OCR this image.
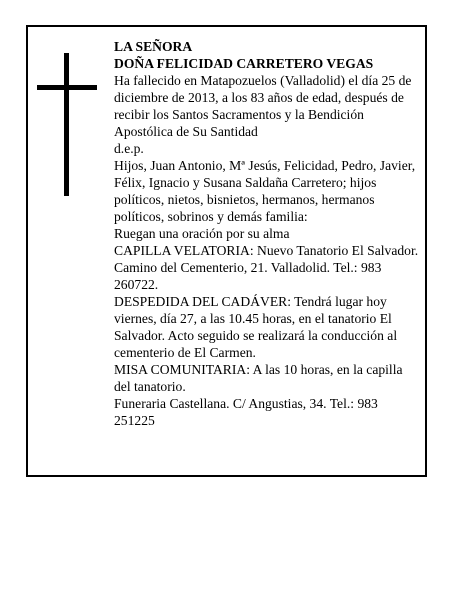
LA SEÑORA

DOÑA FELICIDAD CARRETERO VEGAS

Ha fallecido en Matapozuelos (Valladolid) el día 25 de diciembre de 2013, a los 83 años de edad, después de recibir los Santos Sacramentos y la Bendición Apostólica de Su Santidad

d.e.p.

Hijos, Juan Antonio, Mª Jesús, Felicidad, Pedro, Javier, Félix, Ignacio y Susana Saldaña Carretero; hijos políticos, nietos, bisnietos, hermanos, hermanos políticos, sobrinos y demás familia:

Ruegan una oración por su alma

CAPILLA VELATORIA: Nuevo Tanatorio El Salvador. Camino del Cementerio, 21. Valladolid. Tel.: 983 260722.

DESPEDIDA DEL CADÁVER: Tendrá lugar hoy viernes, día 27, a las 10.45 horas, en el tanatorio El Salvador. Acto seguido se realizará la conducción al cementerio de El Carmen.

MISA COMUNITARIA: A las 10 horas, en la capilla del tanatorio.

Funeraria Castellana. C/ Angustias, 34. Tel.: 983 251225
